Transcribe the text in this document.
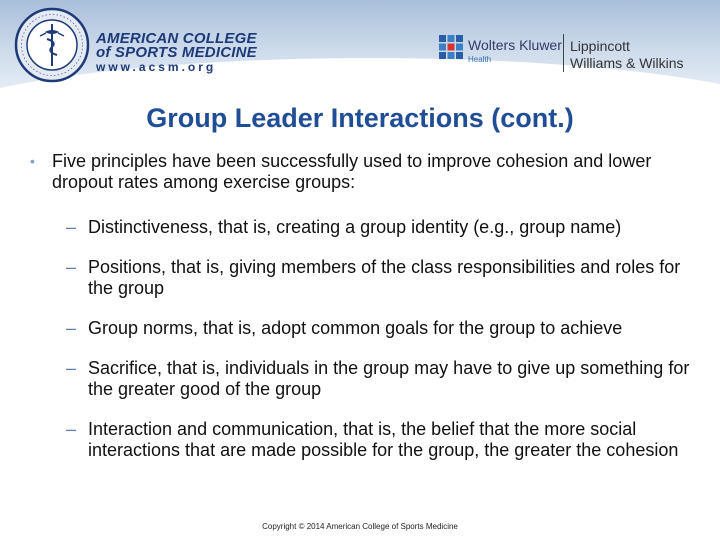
AMERICAN COLLEGE
of SPORTS MEDICINE
www.acsm.org
Wolters Kluwer
Health
Lippincott
Williams & Wilkins
Group Leader Interactions (cont.)
• Five principles have been successfully used to improve cohesion and lower dropout rates among exercise groups:
– Distinctiveness, that is, creating a group identity (e.g., group name)
– Positions, that is, giving members of the class responsibilities and roles for the group
– Group norms, that is, adopt common goals for the group to achieve
– Sacrifice, that is, individuals in the group may have to give up something for the greater good of the group
– Interaction and communication, that is, the belief that the more social interactions that are made possible for the group, the greater the cohesion
Copyright © 2014 American College of Sports Medicine
